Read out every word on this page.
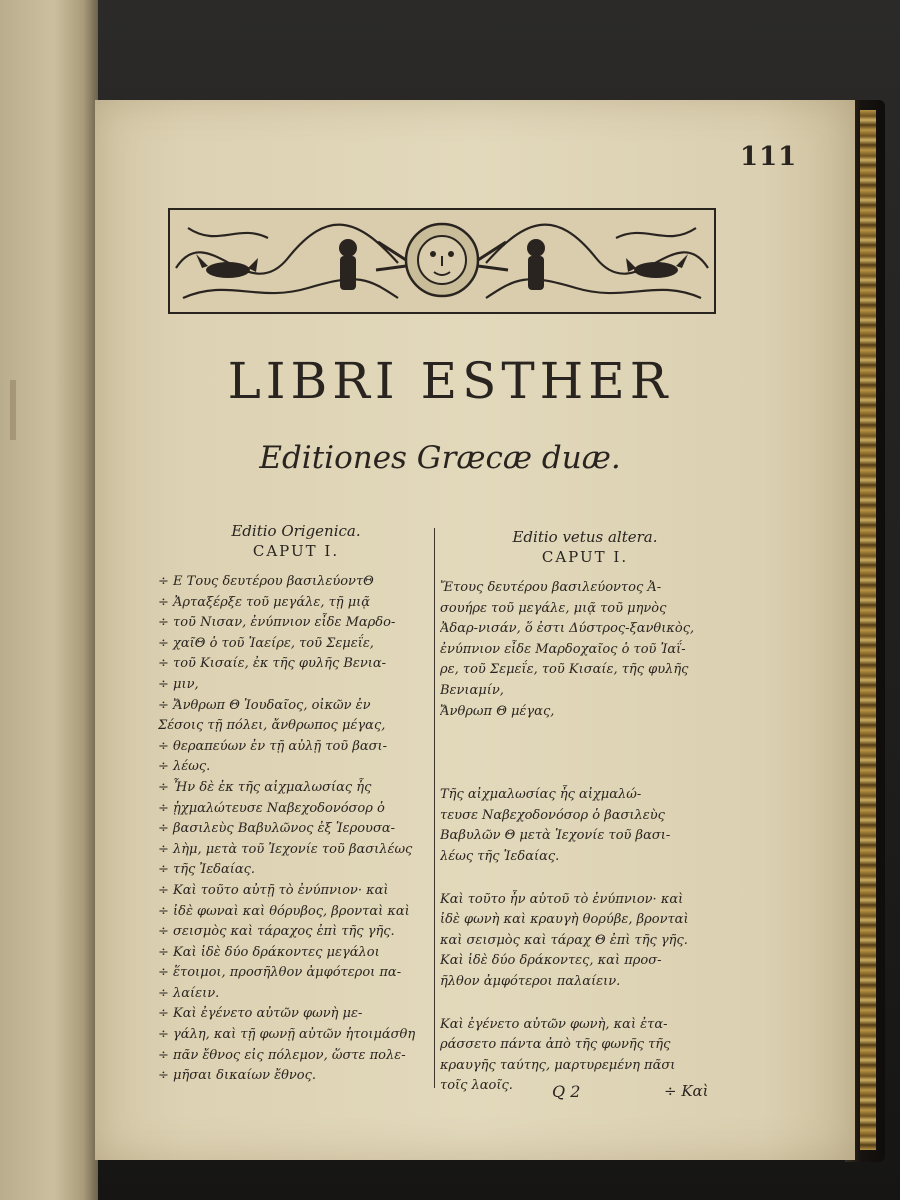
111
LIBRI ESTHER
Editiones Græcæ duæ.

Editio Origenica.

CAPUT I.

÷ Ε Τους δευτέρου βασιλεύοντΘ
÷ Ἀρταξέρξε τοῦ μεγάλε, τῇ μιᾷ
÷ τοῦ Νισαν, ἐνύπνιον εἶδε Μαρδο-
÷ χαῖΘ ὁ τοῦ Ἰαείρε, τοῦ Σεμεΐε,
÷ τοῦ Κισαίε, ἐκ τῆς φυλῆς Βενια-
÷ μιν,
÷ Ἄνθρωπ Θ Ἰουδαῖος, οἰκῶν ἐν
Σέσοις τῇ πόλει, ἄνθρωπος μέγας,
÷ θεραπεύων ἐν τῇ αὐλῇ τοῦ βασι-
÷ λέως.
÷ Ἦν δὲ ἐκ τῆς αἰχμαλωσίας ἧς
÷ ᾐχμαλώτευσε Ναβεχοδονόσορ ὁ
÷ βασιλεὺς Βαβυλῶνος ἐξ Ἰερουσα-
÷ λὴμ, μετὰ τοῦ Ἰεχονίε τοῦ βασιλέως
÷ τῆς Ἰεδαίας.
÷ Καὶ τοῦτο αὐτῇ τὸ ἐνύπνιον· καὶ
÷ ἰδὲ φωναὶ καὶ θόρυβος, βρονταὶ καὶ
÷ σεισμὸς καὶ τάραχος ἐπὶ τῆς γῆς.
÷ Καὶ ἰδὲ δύο δράκοντες μεγάλοι
÷ ἕτοιμοι, προσῆλθον ἀμφότεροι πα-
÷ λαίειν.
÷ Καὶ ἐγένετο αὐτῶν φωνὴ με-
÷ γάλη, καὶ τῇ φωνῇ αὐτῶν ἡτοιμάσθη
÷ πᾶν ἔθνος εἰς πόλεμον, ὥστε πολε-
÷ μῆσαι δικαίων ἔθνος.

Editio vetus altera.

CAPUT I.

Ἔτους δευτέρου βασιλεύοντος Ἀ-
σουήρε τοῦ μεγάλε, μιᾷ τοῦ μηνὸς
Ἀδαρ-νισάν, ὅ ἐστι Δύστρος-ξανθικὸς,
ἐνύπνιον εἶδε Μαρδοχαῖος ὁ τοῦ Ἰαΐ-
ρε, τοῦ Σεμεΐε, τοῦ Κισαίε, τῆς φυλῆς
Βενιαμίν,
Ἄνθρωπ Θ μέγας,
Τῆς αἰχμαλωσίας ἧς αἰχμαλώ-
τευσε Ναβεχοδονόσορ ὁ βασιλεὺς
Βαβυλῶν Θ μετὰ Ἰεχονίε τοῦ βασι-
λέως τῆς Ἰεδαίας.
Καὶ τοῦτο ἦν αὐτοῦ τὸ ἐνύπνιον· καὶ
ἰδὲ φωνὴ καὶ κραυγὴ θορύβε, βρονταὶ
καὶ σεισμὸς καὶ τάραχ Θ ἐπὶ τῆς γῆς.
Καὶ ἰδὲ δύο δράκοντες, καὶ προσ-
ῆλθον ἀμφότεροι παλαίειν.
Καὶ ἐγένετο αὐτῶν φωνὴ, καὶ ἐτα-
ράσσετο πάντα ἀπὸ τῆς φωνῆς τῆς
κραυγῆς ταύτης, μαρτυρεμένη πᾶσι
τοῖς λαοῖς.	Q 2	÷ Καὶ
